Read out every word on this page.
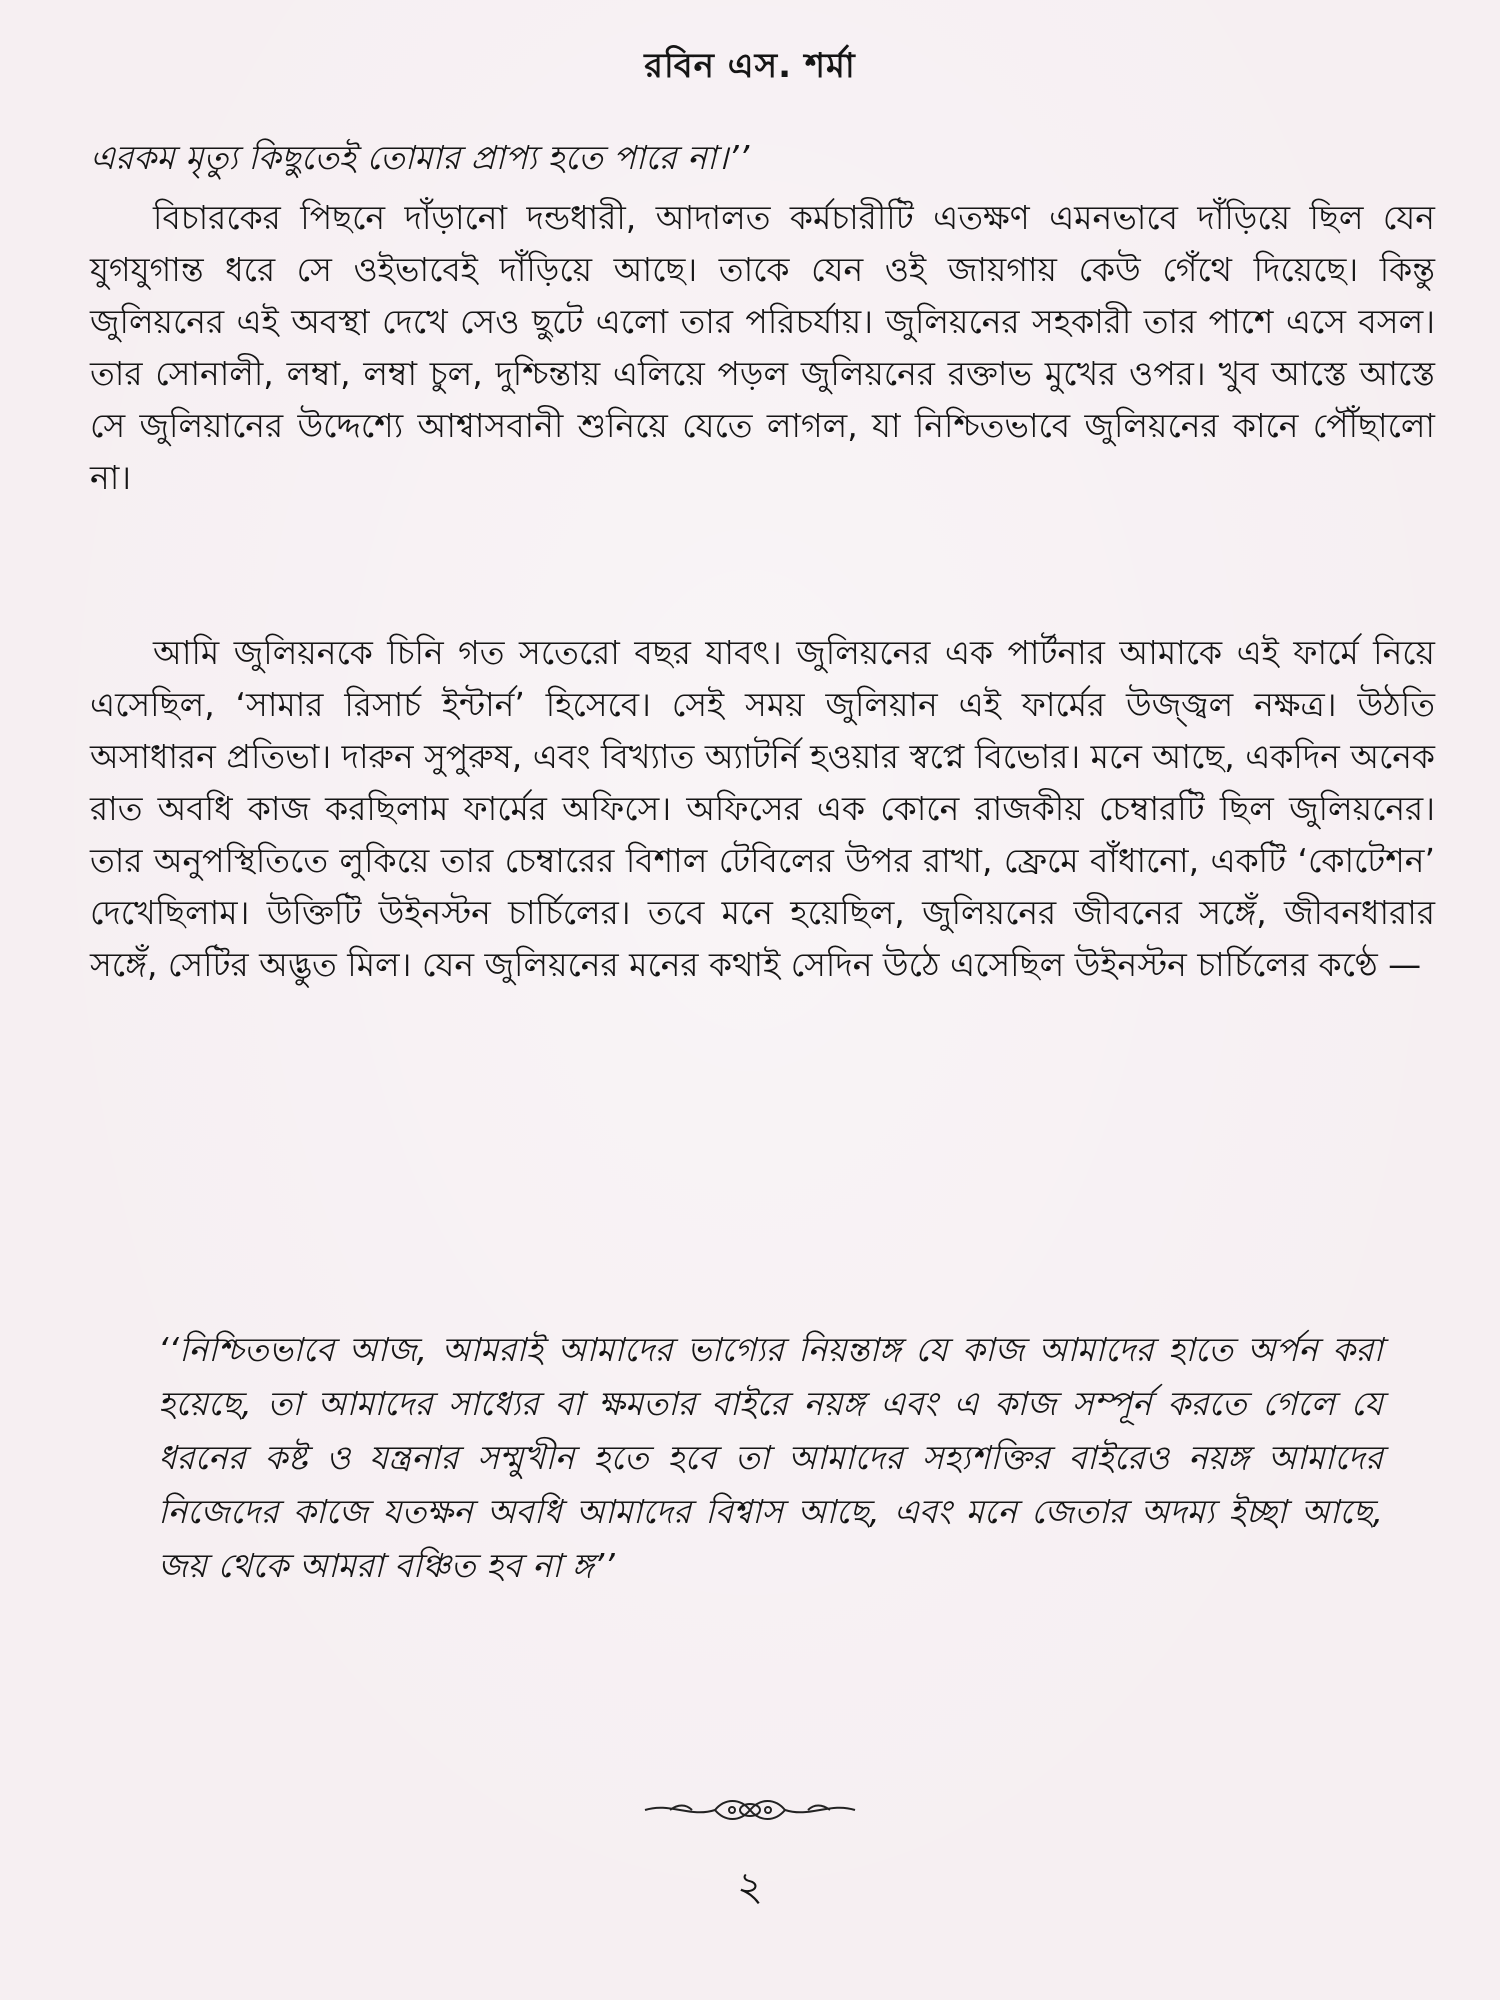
রবিন এস. শর্মা

এরকম মৃত্যু কিছুতেই তোমার প্রাপ্য হতে পারে না।’’

বিচারকের পিছনে দাঁড়ানো দন্ডধারী, আদালত কর্মচারীটি এতক্ষণ এমনভাবে দাঁড়িয়ে ছিল যেন যুগযুগান্ত ধরে সে ওইভাবেই দাঁড়িয়ে আছে। তাকে যেন ওই জায়গায় কেউ গেঁথে দিয়েছে। কিন্তু জুলিয়নের এই অবস্থা দেখে সেও ছুটে এলো তার পরিচর্যায়। জুলিয়নের সহকারী তার পাশে এসে বসল। তার সোনালী, লম্বা, লম্বা চুল, দুশ্চিন্তায় এলিয়ে পড়ল জুলিয়নের রক্তাভ মুখের ওপর। খুব আস্তে আস্তে সে জুলিয়ানের উদ্দেশ্যে আশ্বাসবানী শুনিয়ে যেতে লাগল, যা নিশ্চিতভাবে জুলিয়নের কানে পৌঁছালো না।

আমি জুলিয়নকে চিনি গত সতেরো বছর যাবৎ। জুলিয়নের এক পার্টনার আমাকে এই ফার্মে নিয়ে এসেছিল, ‘সামার রিসার্চ ইন্টার্ন’ হিসেবে। সেই সময় জুলিয়ান এই ফার্মের উজ্জ্বল নক্ষত্র। উঠতি অসাধারন প্রতিভা। দারুন সুপুরুষ, এবং বিখ্যাত অ্যাটর্নি হওয়ার স্বপ্নে বিভোর। মনে আছে, একদিন অনেক রাত অবধি কাজ করছিলাম ফার্মের অফিসে। অফিসের এক কোনে রাজকীয় চেম্বারটি ছিল জুলিয়নের। তার অনুপস্থিতিতে লুকিয়ে তার চেম্বারের বিশাল টেবিলের উপর রাখা, ফ্রেমে বাঁধানো, একটি ‘কোটেশন’ দেখেছিলাম। উক্তিটি উইনস্টন চার্চিলের। তবে মনে হয়েছিল, জুলিয়নের জীবনের সঙ্গেঁ, জীবনধারার সঙ্গেঁ, সেটির অদ্ভুত মিল। যেন জুলিয়নের মনের কথাই সেদিন উঠে এসেছিল উইনস্টন চার্চিলের কণ্ঠে —

‘‘নিশ্চিতভাবে আজ, আমরাই আমাদের ভাগ্যের নিয়ন্তাঙ্গ যে কাজ আমাদের হাতে অর্পন করা হয়েছে, তা আমাদের সাধ্যের বা ক্ষমতার বাইরে নয়ঙ্গ এবং এ কাজ সম্পূর্ন করতে গেলে যে ধরনের কষ্ট ও যন্ত্রনার সম্মুখীন হতে হবে তা আমাদের সহ্যশক্তির বাইরেও নয়ঙ্গ আমাদের নিজেদের কাজে যতক্ষন অবধি আমাদের বিশ্বাস আছে, এবং মনে জেতার অদম্য ইচ্ছা আছে, জয় থেকে আমরা বঞ্চিত হব না ঙ্গ’’

২
